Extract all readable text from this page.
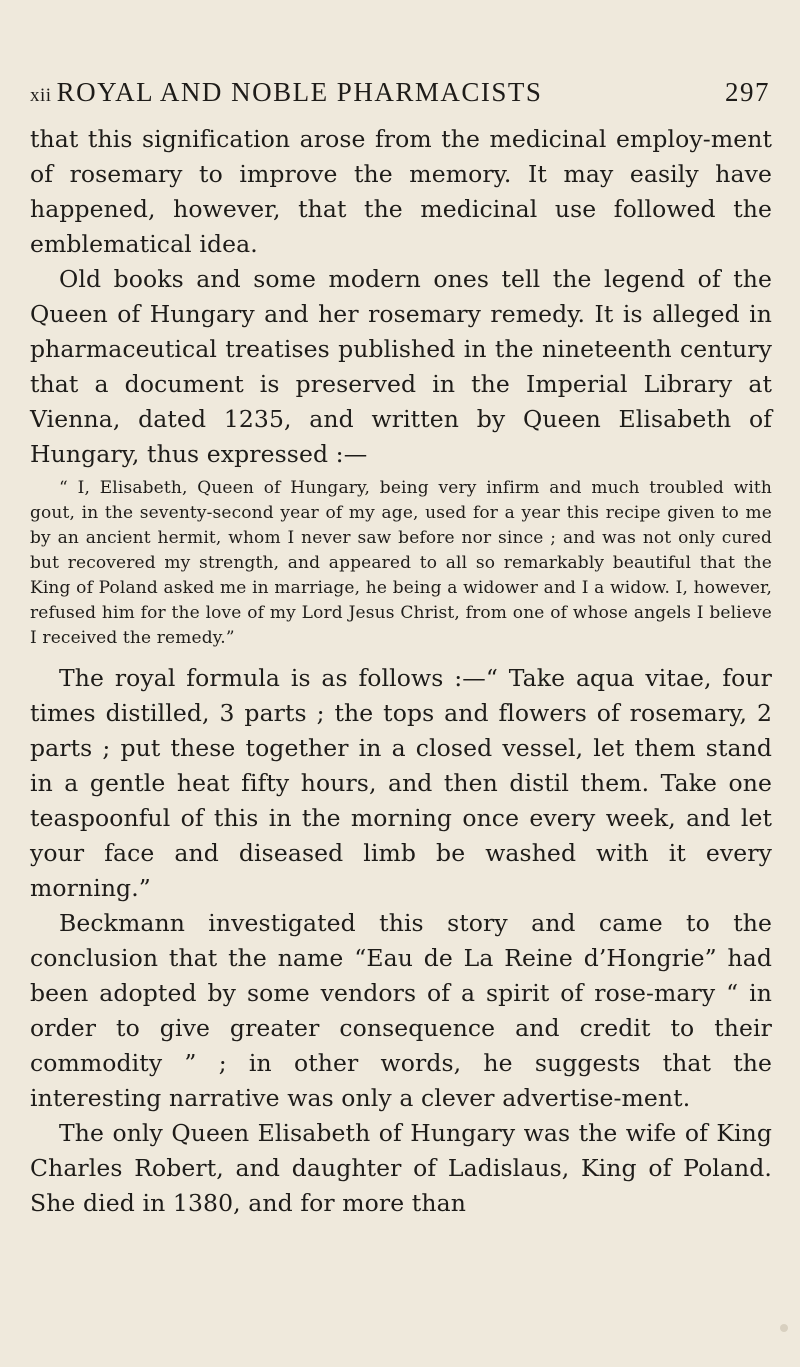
xii ROYAL AND NOBLE PHARMACISTS	297

that this signification arose from the medicinal employ-ment of rosemary to improve the memory. It may easily have happened, however, that the medicinal use followed the emblematical idea.

Old books and some modern ones tell the legend of the Queen of Hungary and her rosemary remedy. It is alleged in pharmaceutical treatises published in the nineteenth century that a document is preserved in the Imperial Library at Vienna, dated 1235, and written by Queen Elisabeth of Hungary, thus expressed :—

“ I, Elisabeth, Queen of Hungary, being very infirm and much troubled with gout, in the seventy-second year of my age, used for a year this recipe given to me by an ancient hermit, whom I never saw before nor since ; and was not only cured but recovered my strength, and appeared to all so remarkably beautiful that the King of Poland asked me in marriage, he being a widower and I a widow. I, however, refused him for the love of my Lord Jesus Christ, from one of whose angels I believe I received the remedy.”

The royal formula is as follows :—“ Take aqua vitae, four times distilled, 3 parts ; the tops and flowers of rosemary, 2 parts ; put these together in a closed vessel, let them stand in a gentle heat fifty hours, and then distil them. Take one teaspoonful of this in the morning once every week, and let your face and diseased limb be washed with it every morning.”

Beckmann investigated this story and came to the conclusion that the name “Eau de La Reine d’Hongrie” had been adopted by some vendors of a spirit of rose-mary “ in order to give greater consequence and credit to their commodity ” ; in other words, he suggests that the interesting narrative was only a clever advertise-ment.

The only Queen Elisabeth of Hungary was the wife of King Charles Robert, and daughter of Ladislaus, King of Poland. She died in 1380, and for more than
